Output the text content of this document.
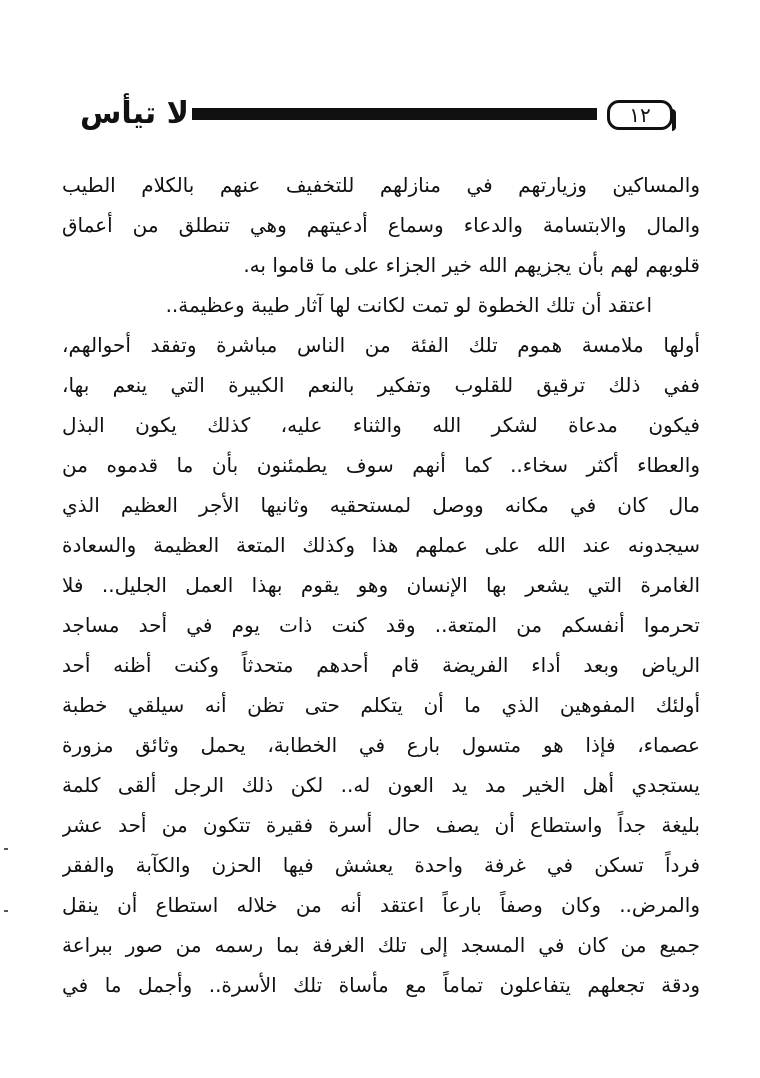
لا تيأس	١٢
والمساكين وزيارتهم في منازلهم للتخفيف عنهم بالكلام الطيب
والمال والابتسامة والدعاء وسماع أدعيتهم وهي تنطلق من أعماق
قلوبهم لهم بأن يجزيهم الله خير الجزاء على ما قاموا به.
اعتقد أن تلك الخطوة لو تمت لكانت لها آثار طيبة وعظيمة..
أولها ملامسة هموم تلك الفئة من الناس مباشرة وتفقد أحوالهم،
ففي ذلك ترقيق للقلوب وتفكير بالنعم الكبيرة التي ينعم بها،
فيكون مدعاة لشكر الله والثناء عليه، كذلك يكون البذل
والعطاء أكثر سخاء.. كما أنهم سوف يطمئنون بأن ما قدموه من
مال كان في مكانه ووصل لمستحقيه وثانيها الأجر العظيم الذي
سيجدونه عند الله على عملهم هذا وكذلك المتعة العظيمة والسعادة
الغامرة التي يشعر بها الإنسان وهو يقوم بهذا العمل الجليل.. فلا
تحرموا أنفسكم من المتعة.. وقد كنت ذات يوم في أحد مساجد
الرياض وبعد أداء الفريضة قام أحدهم متحدثاً وكنت أظنه أحد
أولئك المفوهين الذي ما أن يتكلم حتى تظن أنه سيلقي خطبة
عصماء، فإذا هو متسول بارع في الخطابة، يحمل وثائق مزورة
يستجدي أهل الخير مد يد العون له.. لكن ذلك الرجل ألقى كلمة
بليغة جداً واستطاع أن يصف حال أسرة فقيرة تتكون من أحد عشر
فرداً تسكن في غرفة واحدة يعشش فيها الحزن والكآبة والفقر
والمرض.. وكان وصفاً بارعاً اعتقد أنه من خلاله استطاع أن ينقل
جميع من كان في المسجد إلى تلك الغرفة بما رسمه من صور ببراعة
ودقة تجعلهم يتفاعلون تماماً مع مأساة تلك الأسرة.. وأجمل ما في
